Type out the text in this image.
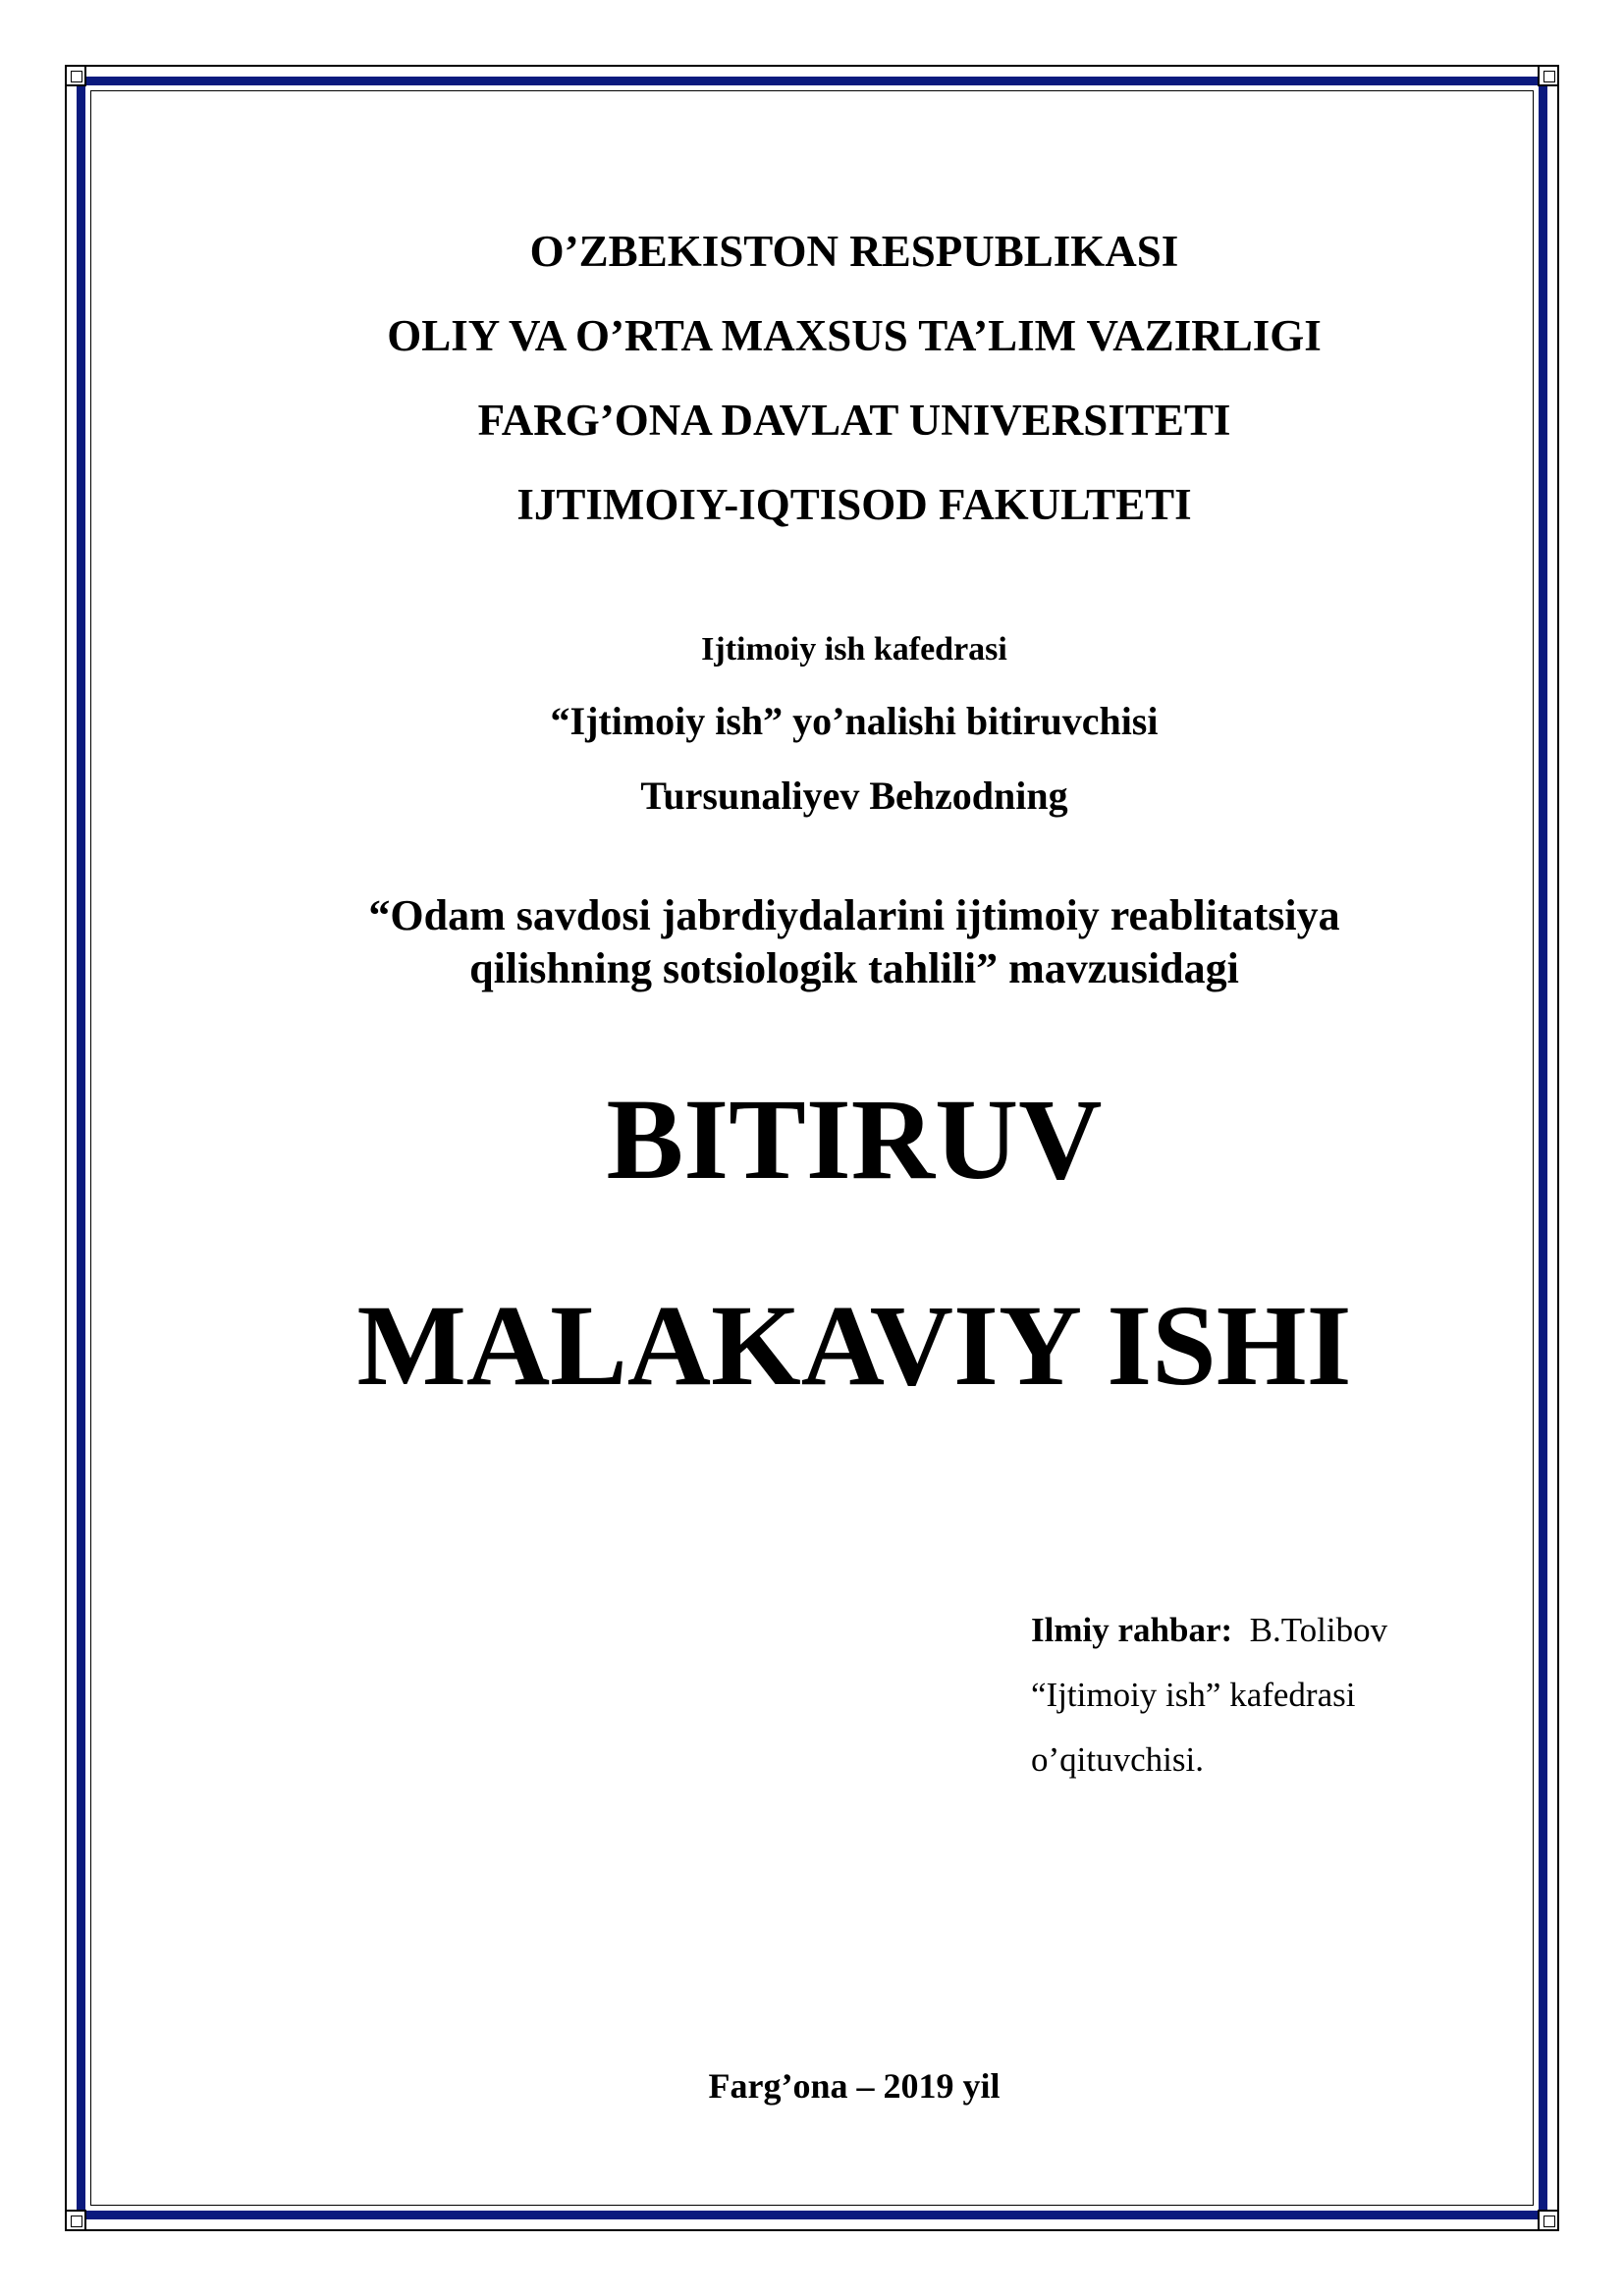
O’ZBEKISTON RESPUBLIKASI
OLIY VA O’RTA MAXSUS TA’LIM VAZIRLIGI
FARG’ONA DAVLAT UNIVERSITETI
IJTIMOIY-IQTISOD FAKULTETI
Ijtimoiy ish kafedrasi
“Ijtimoiy ish” yo’nalishi bitiruvchisi
Tursunaliyev Behzodning
“Odam savdosi jabrdiydalarini ijtimoiy reablitatsiya
qilishning sotsiologik tahlili” mavzusidagi
BITIRUV
MALAKAVIY ISHI
Ilmiy rahbar: B.Tolibov
“Ijtimoiy ish” kafedrasi
o’qituvchisi.
Farg’ona – 2019 yil
